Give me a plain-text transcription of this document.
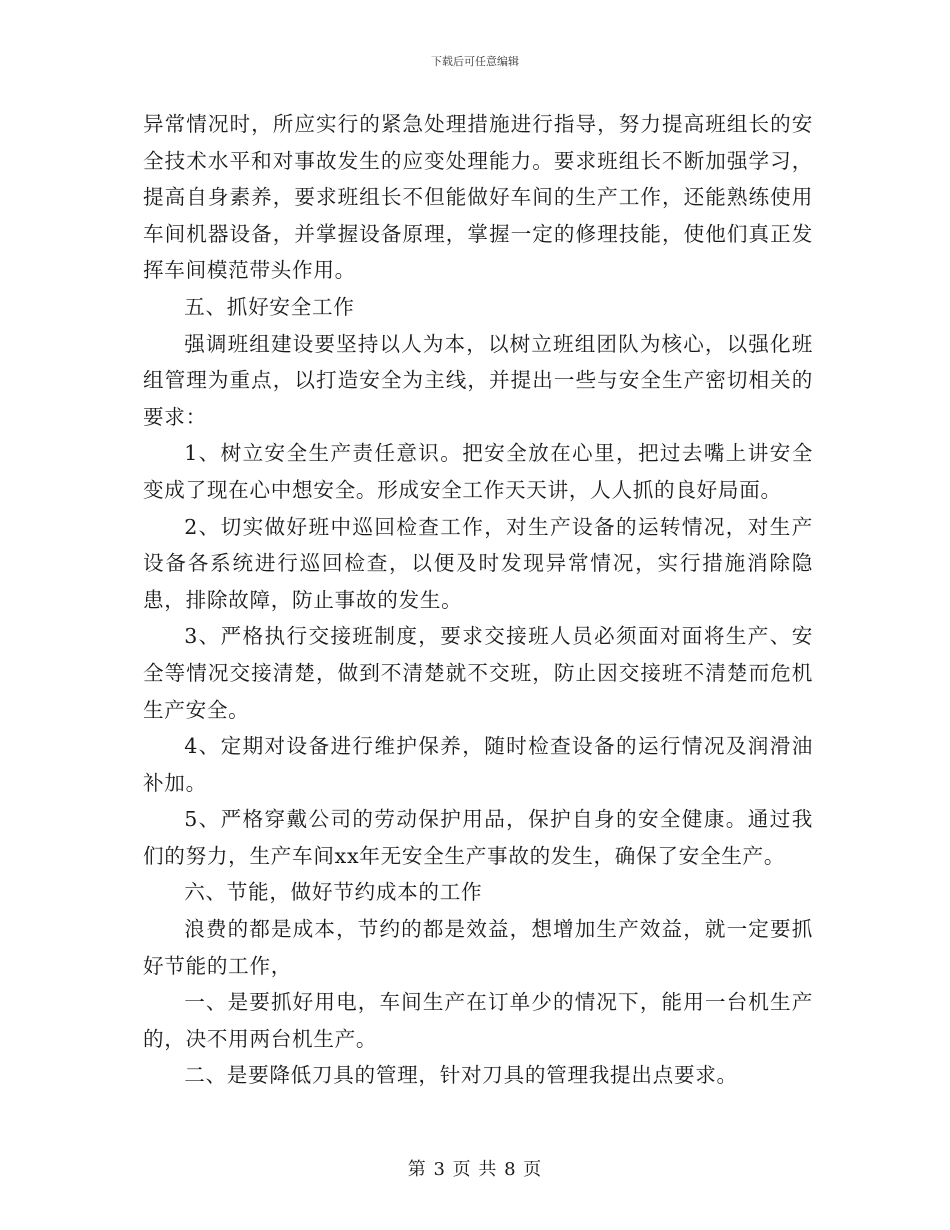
下载后可任意编辑

异常情况时，所应实行的紧急处理措施进行指导，努力提高班组长的安全技术水平和对事故发生的应变处理能力。要求班组长不断加强学习，提高自身素养，要求班组长不但能做好车间的生产工作，还能熟练使用车间机器设备，并掌握设备原理，掌握一定的修理技能，使他们真正发挥车间模范带头作用。

五、抓好安全工作

强调班组建设要坚持以人为本，以树立班组团队为核心，以强化班组管理为重点，以打造安全为主线，并提出一些与安全生产密切相关的要求：

1、树立安全生产责任意识。把安全放在心里，把过去嘴上讲安全变成了现在心中想安全。形成安全工作天天讲，人人抓的良好局面。

2、切实做好班中巡回检查工作，对生产设备的运转情况，对生产设备各系统进行巡回检查，以便及时发现异常情况，实行措施消除隐患，排除故障，防止事故的发生。

3、严格执行交接班制度，要求交接班人员必须面对面将生产、安全等情况交接清楚，做到不清楚就不交班，防止因交接班不清楚而危机生产安全。

4、定期对设备进行维护保养，随时检查设备的运行情况及润滑油补加。

5、严格穿戴公司的劳动保护用品，保护自身的安全健康。通过我们的努力，生产车间xx年无安全生产事故的发生，确保了安全生产。

六、节能，做好节约成本的工作

浪费的都是成本，节约的都是效益，想增加生产效益，就一定要抓好节能的工作，

一、是要抓好用电，车间生产在订单少的情况下，能用一台机生产的，决不用两台机生产。

二、是要降低刀具的管理，针对刀具的管理我提出点要求。

第 3 页 共 8 页
